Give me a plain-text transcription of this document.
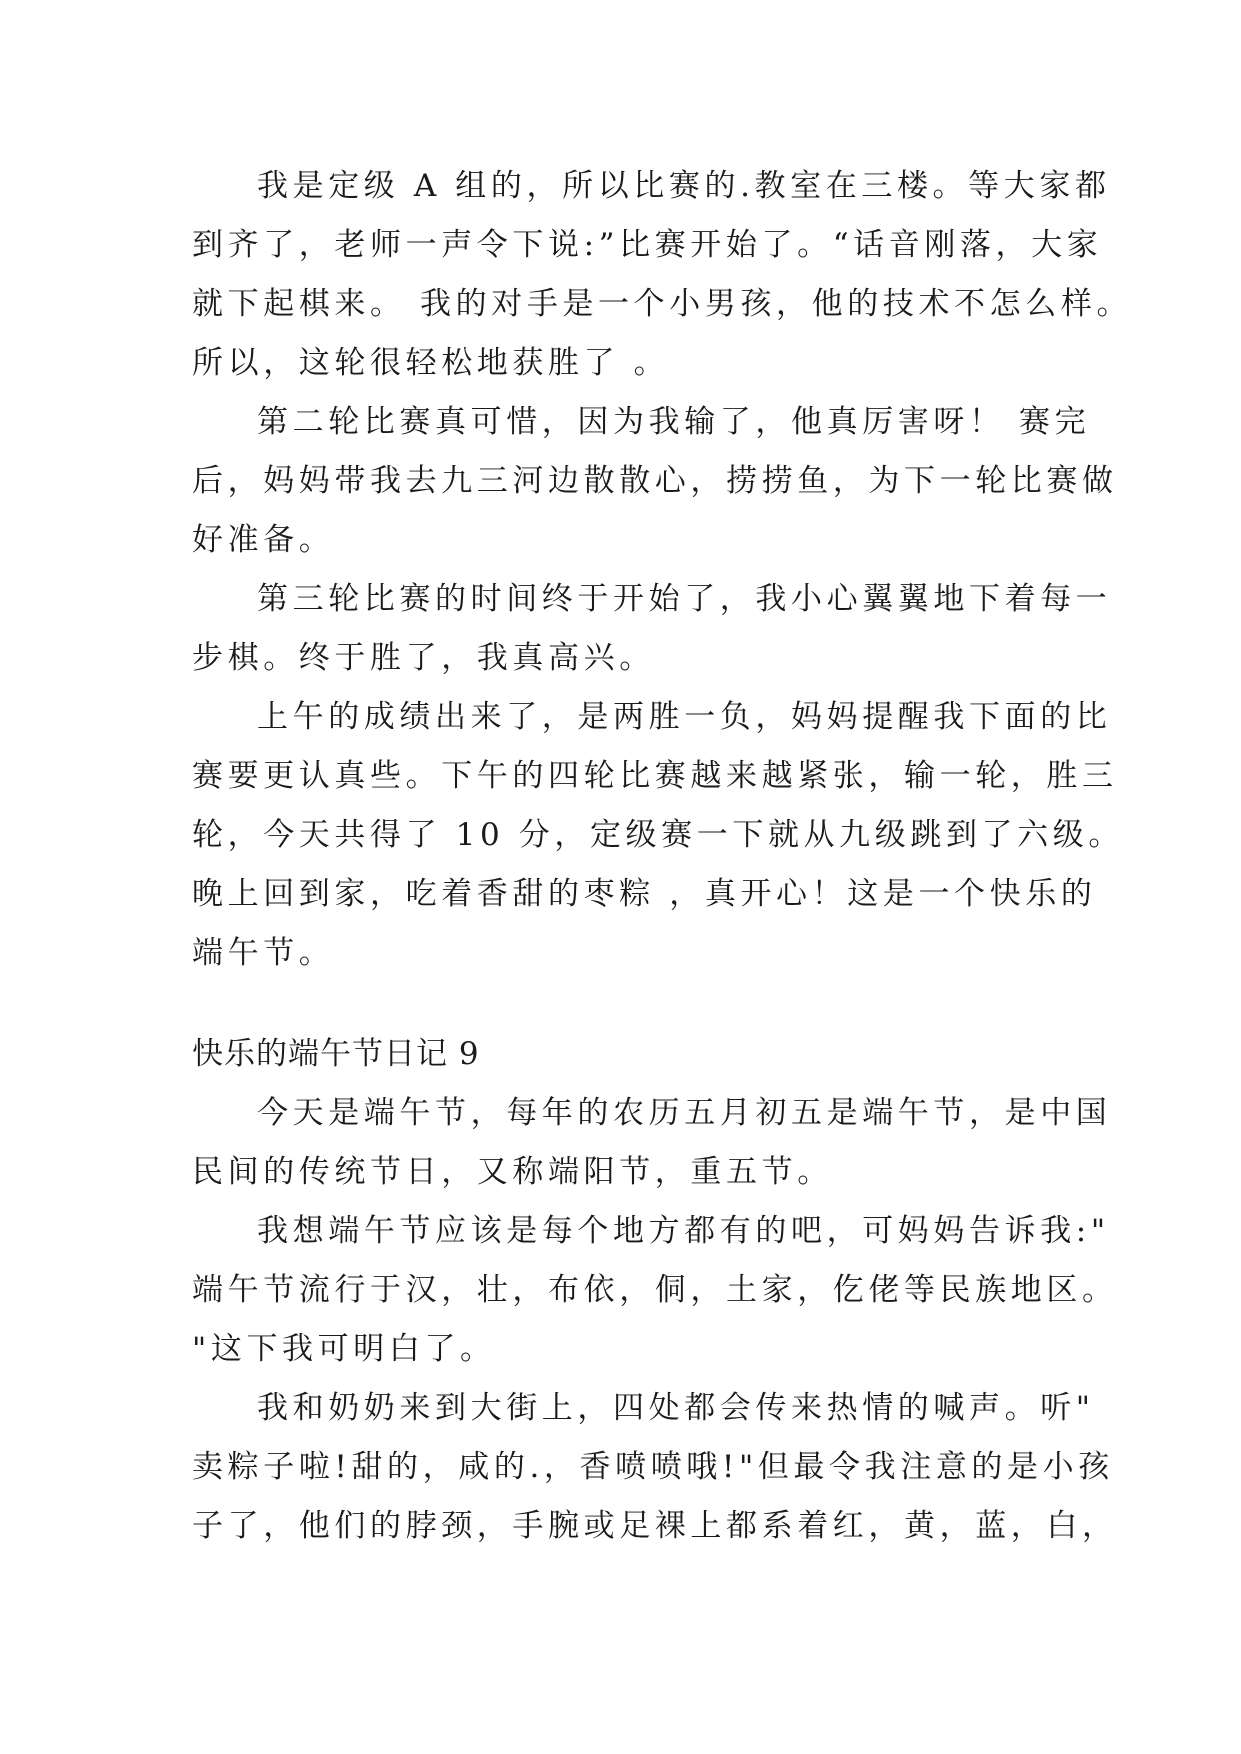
我是定级 A 组的，所以比赛的.教室在三楼。等大家都
到齐了，老师一声令下说:”比赛开始了。“话音刚落，大家
就下起棋来。 我的对手是一个小男孩，他的技术不怎么样。
所以，这轮很轻松地获胜了 。
第二轮比赛真可惜，因为我输了，他真厉害呀！ 赛完
后，妈妈带我去九三河边散散心，捞捞鱼，为下一轮比赛做
好准备。
第三轮比赛的时间终于开始了，我小心翼翼地下着每一
步棋。终于胜了，我真高兴。
上午的成绩出来了，是两胜一负，妈妈提醒我下面的比
赛要更认真些。下午的四轮比赛越来越紧张，输一轮，胜三
轮，今天共得了 10 分，定级赛一下就从九级跳到了六级。
晚上回到家，吃着香甜的枣粽 ，真开心！这是一个快乐的
端午节。
快乐的端午节日记 9
今天是端午节，每年的农历五月初五是端午节，是中国
民间的传统节日，又称端阳节，重五节。
我想端午节应该是每个地方都有的吧，可妈妈告诉我:"
端午节流行于汉，壮，布依，侗，土家，仡佬等民族地区。
"这下我可明白了。
我和奶奶来到大街上，四处都会传来热情的喊声。听"
卖粽子啦!甜的，咸的.，香喷喷哦!"但最令我注意的是小孩
子了，他们的脖颈，手腕或足裸上都系着红，黄，蓝，白，
